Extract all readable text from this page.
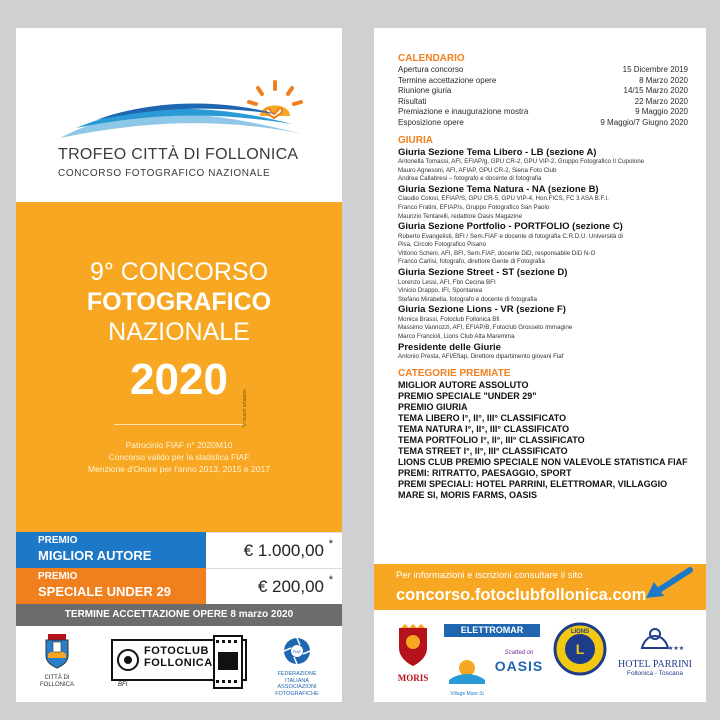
TROFEO CITTÀ DI FOLLONICA
CONCORSO FOTOGRAFICO NAZIONALE
9° CONCORSO
FOTOGRAFICO
NAZIONALE
2020
Patrocinio FIAF n° 2020M10
Concorso valido per la statistica FIAF
Menzione d'Onore per l'anno 2013, 2015 e 2017
*in buoni amazon
PREMIO
MIGLIOR AUTORE	€ 1.000,00 *
PREMIO
SPECIALE UNDER 29	€ 200,00 *
TERMINE ACCETTAZIONE OPERE 8 marzo 2020
CITTÀ DI
FOLLONICA
FOTOCLUB
FOLLONICA
BFI
FIAF
FEDERAZIONE
ITALIANA
ASSOCIAZIONI
FOTOGRAFICHE
CALENDARIO
Apertura concorso	15 Dicembre 2019
Termine accettazione opere	8 Marzo 2020
Riunione giuria	14/15 Marzo 2020
Risultati	22 Marzo 2020
Premiazione e inaugurazione mostra	9 Maggio 2020
Esposizione opere	9 Maggio/7 Giugno 2020
GIURIA
Giuria Sezione Tema Libero - LB (sezione A)
Antonella Tomassi, AFI, EFIAP/g, GPU CR-2, GPU VIP-2, Gruppo Fotografico Il Cupolone
Mauro Agnesoni, AFI, AFIAP, GPU CR-2, Siena Foto Club
Andrea Callabresi – fotografo e docente di fotografia
Giuria Sezione Tema Natura - NA (sezione B)
Claudio Colosi, EFIAP/S, GPU CR-5, GPU VIP-4, Hon.FICS, FC 3 ASA B.F.I.
Franco Fratini, EFIAP/s, Gruppo Fotografico San Paolo
Maurizio Tentarelli, redattore Oasis Magazine
Giuria Sezione Portfolio - PORTFOLIO (sezione C)
Roberto Evangelisti, BFI / Sem.FIAF e docente di fotografia C.R.D.U. Università di
Pisa, Circolo Fotografico Pisano
Vittorio Scheni, AFI, BFI, Sem.FIAF, docente DiD, responsabile DiD N-O
Franco Carlisi, fotografo, direttore Gente di Fotografia
Giuria Sezione Street - ST (sezione D)
Lorenzo Lessi, AFI, Fbn Cecina BFI
Vinicio Drappo, IFI, Spontanea
Stefano Mirabella, fotografo e docente di fotografia
Giuria Sezione Lions - VR (sezione F)
Monica Brassi, Fotoclub Follonica Bfi
Massimo Vannozzi, AFI, EFIAP/B, Fotoclub Grosseto Immagine
Marco Francioli, Lions Club Alta Maremma
Presidente delle Giurie
Antonio Presta, AFI/Efiap, Direttore dipartimento giovani Fiaf
CATEGORIE PREMIATE
MIGLIOR AUTORE ASSOLUTO
PREMIO SPECIALE "UNDER 29"
PREMIO GIURIA
TEMA LIBERO I°, II°, III° CLASSIFICATO
TEMA NATURA I°, II°, III° CLASSIFICATO
TEMA PORTFOLIO I°, II°, III° CLASSIFICATO
TEMA STREET I°, II°, III° CLASSIFICATO
LIONS CLUB PREMIO SPECIALE NON VALEVOLE STATISTICA FIAF
PREMI: RITRATTO, PAESAGGIO, SPORT
PREMI SPECIALI: HOTEL PARRINI, ELETTROMAR, VILLAGGIO MARE SI, MORIS FARMS, OASIS
Per informazioni e iscrizioni consultare il sito
concorso.fotoclubfollonica.com
MORIS
ELETTROMAR
Scatted on
OASIS
Village Mare Si
L
LIONS
★★★
HOTEL PARRINI
Follonica - Toscana
